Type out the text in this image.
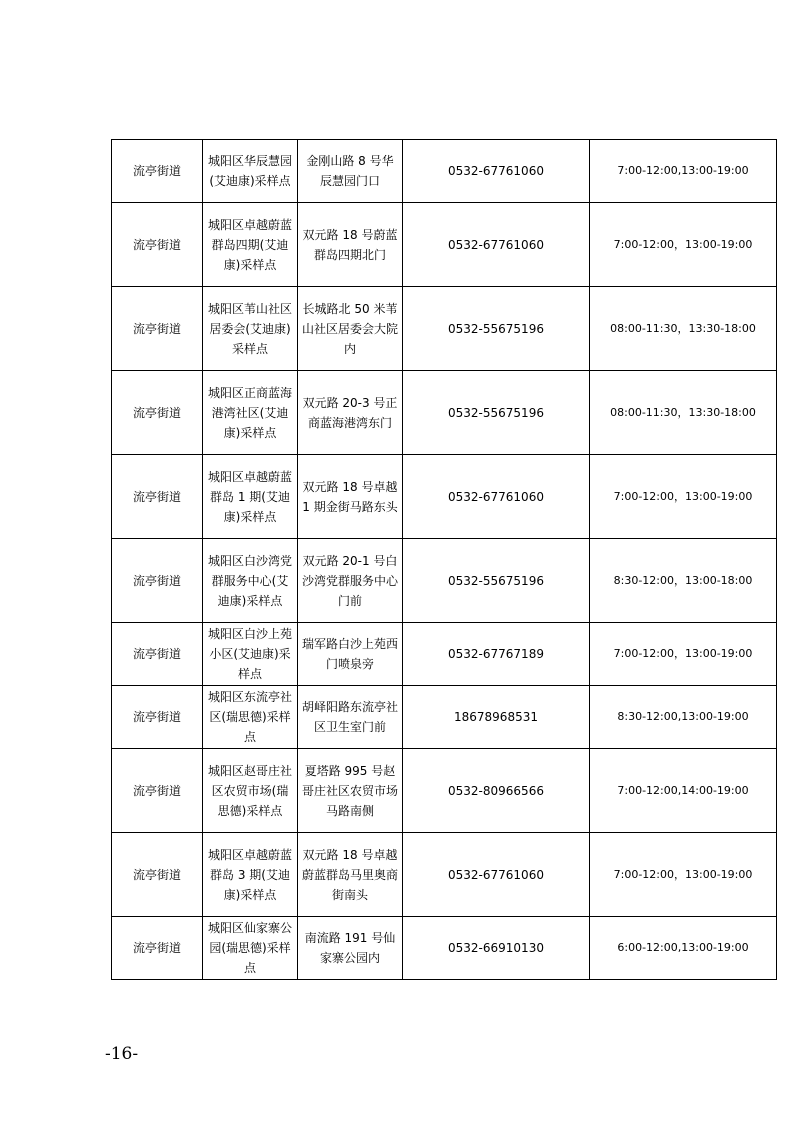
流亭街道	城阳区华辰慧园(艾迪康)采样点	金刚山路 8 号华辰慧园门口	0532-67761060	7:00-12:00,13:00-19:00
流亭街道	城阳区卓越蔚蓝群岛四期(艾迪康)采样点	双元路 18 号蔚蓝群岛四期北门	0532-67761060	7:00-12:00，13:00-19:00
流亭街道	城阳区苇山社区居委会(艾迪康)采样点	长城路北 50 米苇山社区居委会大院内	0532-55675196	08:00-11:30，13:30-18:00
流亭街道	城阳区正商蓝海港湾社区(艾迪康)采样点	双元路 20-3 号正商蓝海港湾东门	0532-55675196	08:00-11:30，13:30-18:00
流亭街道	城阳区卓越蔚蓝群岛 1 期(艾迪康)采样点	双元路 18 号卓越 1 期金街马路东头	0532-67761060	7:00-12:00，13:00-19:00
流亭街道	城阳区白沙湾党群服务中心(艾迪康)采样点	双元路 20-1 号白沙湾党群服务中心门前	0532-55675196	8:30-12:00，13:00-18:00
流亭街道	城阳区白沙上苑小区(艾迪康)采样点	瑞军路白沙上苑西门喷泉旁	0532-67767189	7:00-12:00，13:00-19:00
流亭街道	城阳区东流亭社区(瑞思德)采样点	胡峄阳路东流亭社区卫生室门前	18678968531	8:30-12:00,13:00-19:00
流亭街道	城阳区赵哥庄社区农贸市场(瑞思德)采样点	夏塔路 995 号赵哥庄社区农贸市场马路南侧	0532-80966566	7:00-12:00,14:00-19:00
流亭街道	城阳区卓越蔚蓝群岛 3 期(艾迪康)采样点	双元路 18 号卓越蔚蓝群岛马里奥商街南头	0532-67761060	7:00-12:00，13:00-19:00
流亭街道	城阳区仙家寨公园(瑞思德)采样点	南流路 191 号仙家寨公园内	0532-66910130	6:00-12:00,13:00-19:00
-16-
